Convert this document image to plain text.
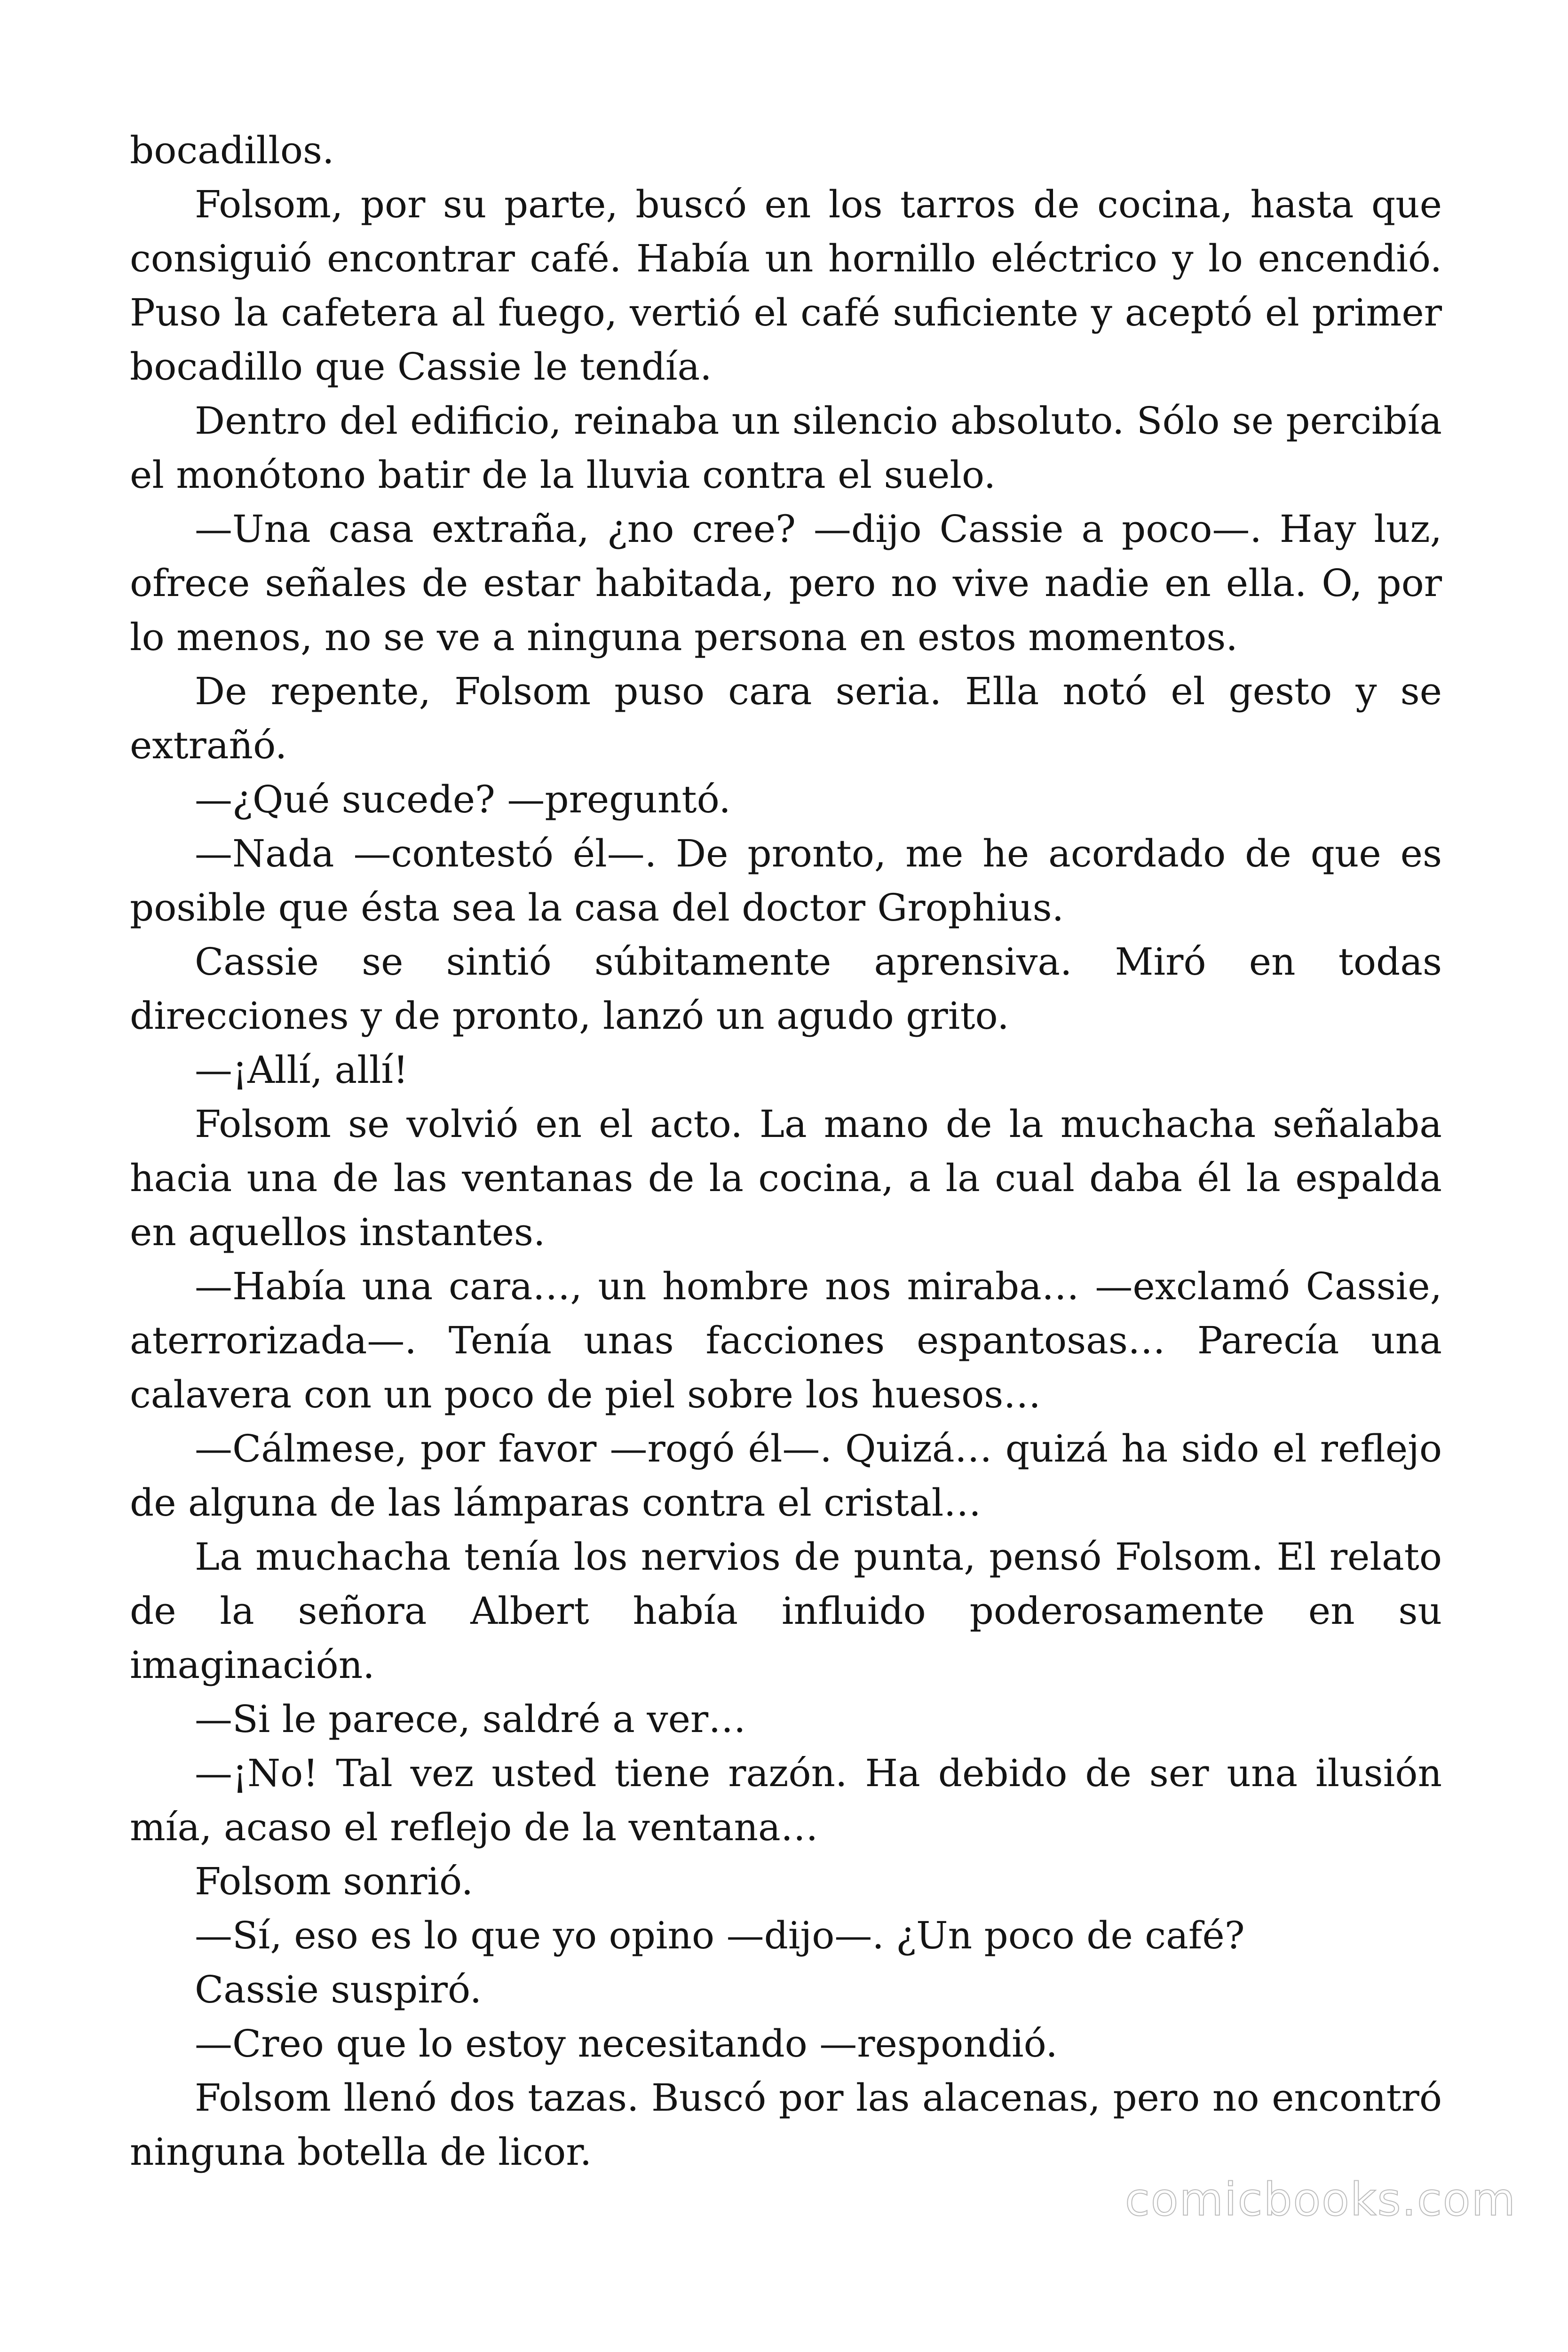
bocadillos.

Folsom, por su parte, buscó en los tarros de cocina, hasta que consiguió encontrar café. Había un hornillo eléctrico y lo encendió. Puso la cafetera al fuego, vertió el café suficiente y aceptó el primer bocadillo que Cassie le tendía.

Dentro del edificio, reinaba un silencio absoluto. Sólo se percibía el monótono batir de la lluvia contra el suelo.

—Una casa extraña, ¿no cree? —dijo Cassie a poco—. Hay luz, ofrece señales de estar habitada, pero no vive nadie en ella. O, por lo menos, no se ve a ninguna persona en estos momentos.

De repente, Folsom puso cara seria. Ella notó el gesto y se extrañó.

—¿Qué sucede? —preguntó.

—Nada —contestó él—. De pronto, me he acordado de que es posible que ésta sea la casa del doctor Grophius.

Cassie se sintió súbitamente aprensiva. Miró en todas direcciones y de pronto, lanzó un agudo grito.

—¡Allí, allí!

Folsom se volvió en el acto. La mano de la muchacha señalaba hacia una de las ventanas de la cocina, a la cual daba él la espalda en aquellos instantes.

—Había una cara…, un hombre nos miraba… —exclamó Cassie, aterrorizada—. Tenía unas facciones espantosas… Parecía una calavera con un poco de piel sobre los huesos…

—Cálmese, por favor —rogó él—. Quizá… quizá ha sido el reflejo de alguna de las lámparas contra el cristal…

La muchacha tenía los nervios de punta, pensó Folsom. El relato de la señora Albert había influido poderosamente en su imaginación.

—Si le parece, saldré a ver…

—¡No! Tal vez usted tiene razón. Ha debido de ser una ilusión mía, acaso el reflejo de la ventana…

Folsom sonrió.

—Sí, eso es lo que yo opino —dijo—. ¿Un poco de café?

Cassie suspiró.

—Creo que lo estoy necesitando —respondió.

Folsom llenó dos tazas. Buscó por las alacenas, pero no encontró ninguna botella de licor.

comicbooks.com
